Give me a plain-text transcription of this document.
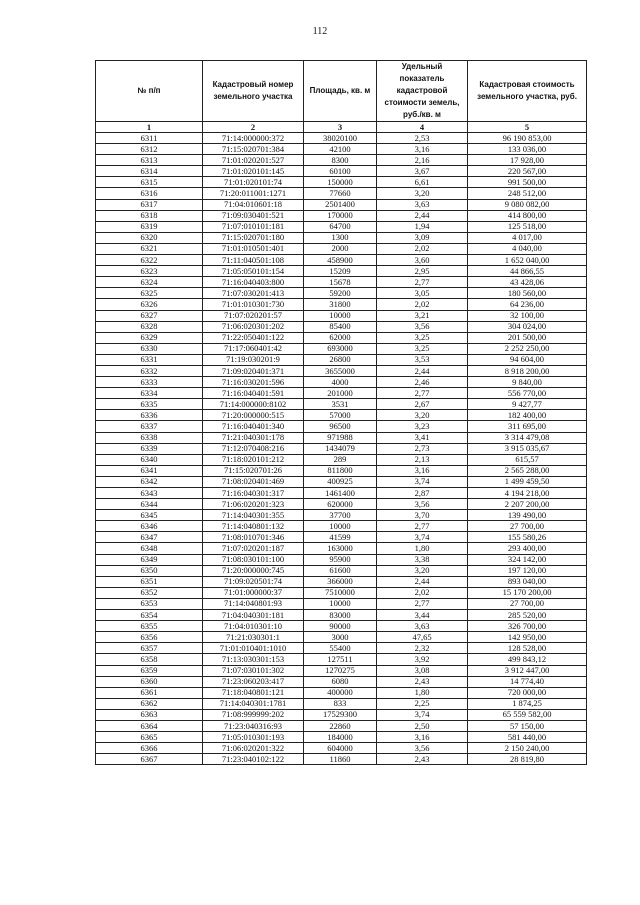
112
№ п/п	Кадастровый номер земельного участка	Площадь, кв. м	Удельный показатель кадастровой стоимости земель, руб./кв. м	Кадастровая стоимость земельного участка, руб.
1	2	3	4	5
6311	71:14:000000:372	38020100	2,53	96 190 853,00
6312	71:15:020701:384	42100	3,16	133 036,00
6313	71:01:020201:527	8300	2,16	17 928,00
6314	71:01:020101:145	60100	3,67	220 567,00
6315	71:01:020101:74	150000	6,61	991 500,00
6316	71:20:011001:1271	77660	3,20	248 512,00
6317	71:04:010601:18	2501400	3,63	9 080 082,00
6318	71:09:030401:521	170000	2,44	414 800,00
6319	71:07:010101:181	64700	1,94	125 518,00
6320	71:15:020701:180	1300	3,09	4 017,00
6321	71:01:010501:401	2000	2,02	4 040,00
6322	71:11:040501:108	458900	3,60	1 652 040,00
6323	71:05:050101:154	15209	2,95	44 866,55
6324	71:16:040403:800	15678	2,77	43 428,06
6325	71:07:030201:413	59200	3,05	180 560,00
6326	71:01:010301:730	31800	2,02	64 236,00
6327	71:07:020201:57	10000	3,21	32 100,00
6328	71:06:020301:202	85400	3,56	304 024,00
6329	71:22:050401:122	62000	3,25	201 500,00
6330	71:17:060401:42	693000	3,25	2 252 250,00
6331	71:19:030201:9	26800	3,53	94 604,00
6332	71:09:020401:371	3655000	2,44	8 918 200,00
6333	71:16:030201:596	4000	2,46	9 840,00
6334	71:16:040401:591	201000	2,77	556 770,00
6335	71:14:000000:8102	3531	2,67	9 427,77
6336	71:20:000000:515	57000	3,20	182 400,00
6337	71:16:040401:340	96500	3,23	311 695,00
6338	71:21:040301:178	971988	3,41	3 314 479,08
6339	71:12:070408:216	1434079	2,73	3 915 035,67
6340	71:18:020101:212	289	2,13	615,57
6341	71:15:020701:26	811800	3,16	2 565 288,00
6342	71:08:020401:469	400925	3,74	1 499 459,50
6343	71:16:040301:317	1461400	2,87	4 194 218,00
6344	71:06:020201:323	620000	3,56	2 207 200,00
6345	71:14:040301:355	37700	3,70	139 490,00
6346	71:14:040801:132	10000	2,77	27 700,00
6347	71:08:010701:346	41599	3,74	155 580,26
6348	71:07:020201:187	163000	1,80	293 400,00
6349	71:08:030101:100	95900	3,38	324 142,00
6350	71:20:000000:745	61600	3,20	197 120,00
6351	71:09:020501:74	366000	2,44	893 040,00
6352	71:01:000000:37	7510000	2,02	15 170 200,00
6353	71:14:040801:93	10000	2,77	27 700,00
6354	71:04:040301:181	83000	3,44	285 520,00
6355	71:04:010301:10	90000	3,63	326 700,00
6356	71:21:030301:1	3000	47,65	142 950,00
6357	71:01:010401:1010	55400	2,32	128 528,00
6358	71:13:030301:153	127511	3,92	499 843,12
6359	71:07:030101:302	1270275	3,08	3 912 447,00
6360	71:23:060203:417	6080	2,43	14 774,40
6361	71:18:040801:121	400000	1,80	720 000,00
6362	71:14:040301:1781	833	2,25	1 874,25
6363	71:08:999999:202	17529300	3,74	65 559 582,00
6364	71:23:040316:93	22860	2,50	57 150,00
6365	71:05:010301:193	184000	3,16	581 440,00
6366	71:06:020201:322	604000	3,56	2 150 240,00
6367	71:23:040102:122	11860	2,43	28 819,80
